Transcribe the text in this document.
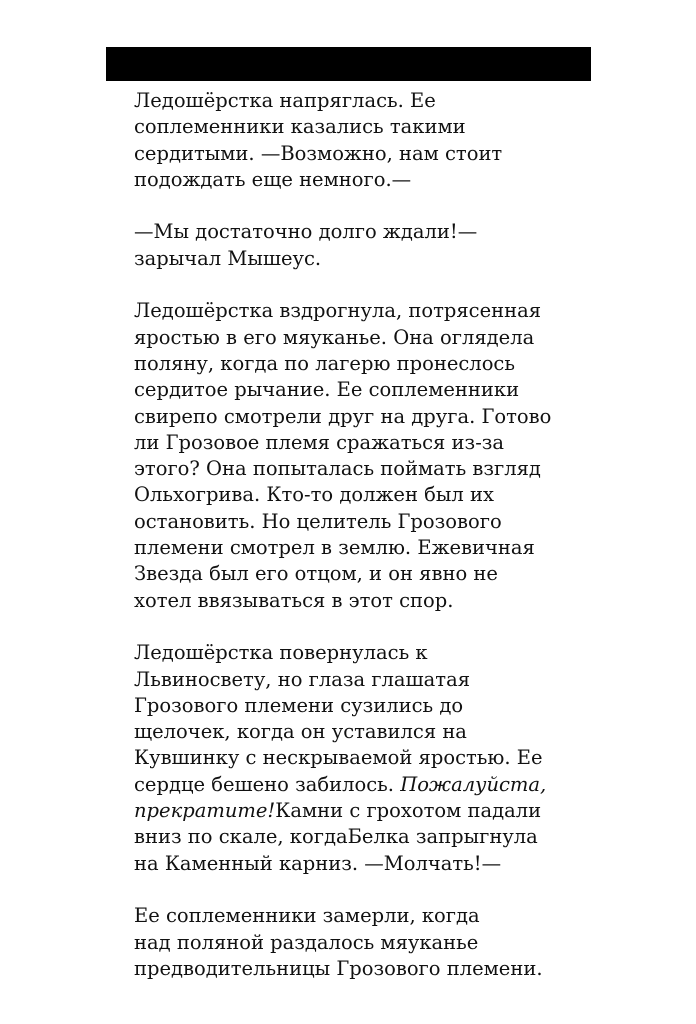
Ледошёрстка напряглась. Ее
соплеменники казались такими
сердитыми. —Возможно, нам стоит
подождать еще немного.—

—Мы достаточно долго ждали!—
зарычал Мышеус.

Ледошёрстка вздрогнула, потрясенная
яростью в его мяуканье. Она оглядела
поляну, когда по лагерю пронеслось
сердитое рычание. Ее соплеменники
свирепо смотрели друг на друга. Готово
ли Грозовое племя сражаться из-за
этого? Она попыталась поймать взгляд
Ольхогрива. Кто-то должен был их
остановить. Но целитель Грозового
племени смотрел в землю. Ежевичная
Звезда был его отцом, и он явно не
хотел ввязываться в этот спор.

Ледошёрстка повернулась к
Львиносвету, но глаза глашатая
Грозового племени сузились до
щелочек, когда он уставился на
Кувшинку с нескрываемой яростью. Ее
сердце бешено забилось. Пожалуйста,
прекратите!Камни с грохотом падали
вниз по скале, когдаБелка запрыгнула
на Каменный карниз. —Молчать!—

Ее соплеменники замерли, когда
над поляной раздалось мяуканье
предводительницы Грозового племени.
